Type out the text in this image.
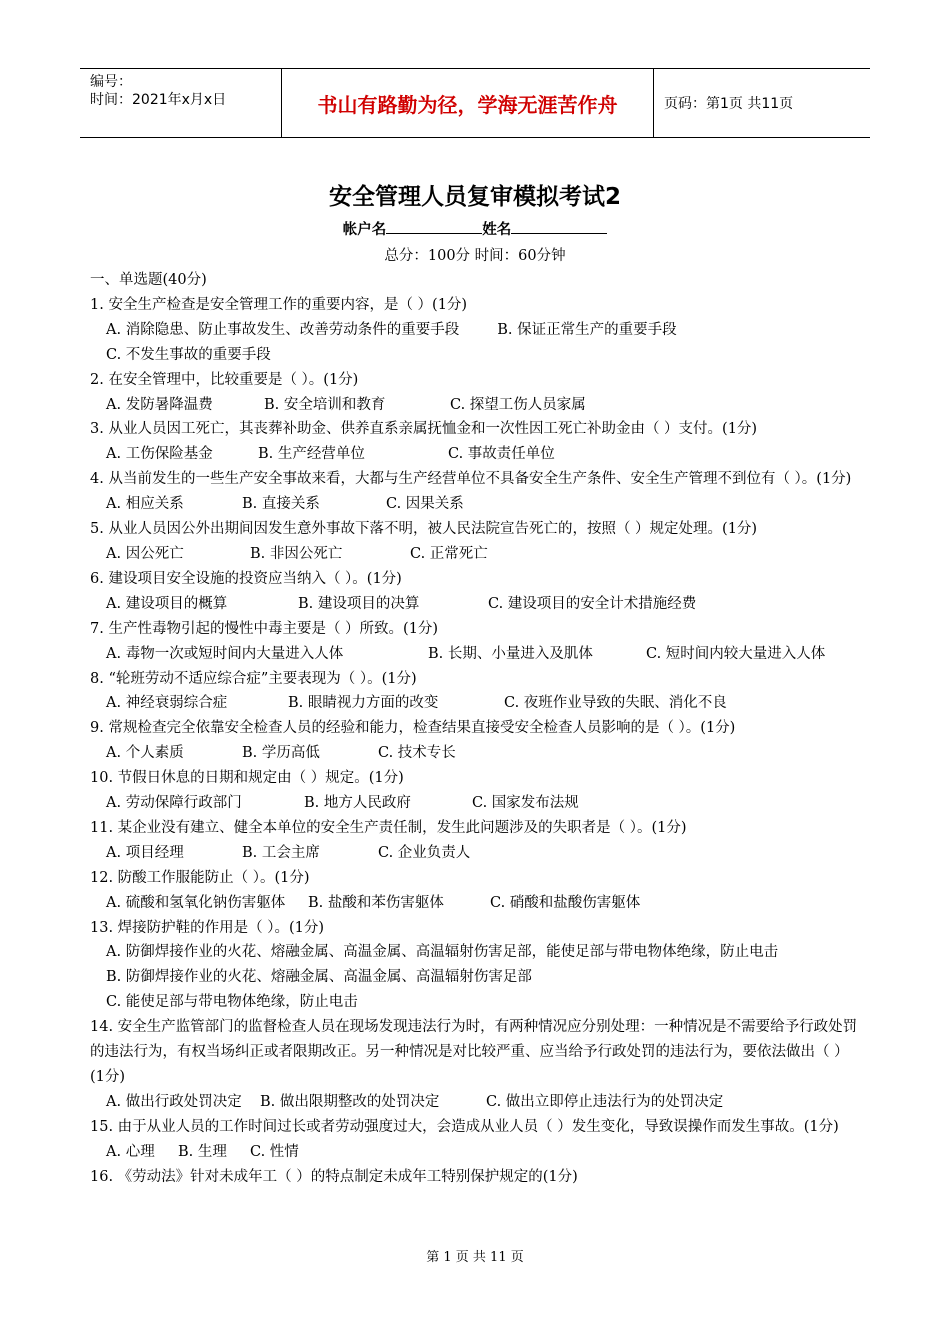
编号：
时间：2021年x月x日	书山有路勤为径，学海无涯苦作舟	页码：第1页 共11页
安全管理人员复审模拟考试2
帐户名	姓名
总分：100分 时间：60分钟
一、单选题(40分)
1. 安全生产检查是安全管理工作的重要内容，是（ ）(1分)
A. 消除隐患、防止事故发生、改善劳动条件的重要手段	B. 保证正常生产的重要手段
C. 不发生事故的重要手段
2. 在安全管理中，比较重要是（ ）。(1分)
A. 发防暑降温费	B. 安全培训和教育	C. 探望工伤人员家属
3. 从业人员因工死亡，其丧葬补助金、供养直系亲属抚恤金和一次性因工死亡补助金由（ ）支付。(1分)
A. 工伤保险基金	B. 生产经营单位	C. 事故责任单位
4. 从当前发生的一些生产安全事故来看，大都与生产经营单位不具备安全生产条件、安全生产管理不到位有（ ）。(1分)
A. 相应关系	B. 直接关系	C. 因果关系
5. 从业人员因公外出期间因发生意外事故下落不明，被人民法院宣告死亡的，按照（ ）规定处理。(1分)
A. 因公死亡	B. 非因公死亡	C. 正常死亡
6. 建设项目安全设施的投资应当纳入（ ）。(1分)
A. 建设项目的概算	B. 建设项目的决算	C. 建设项目的安全计术措施经费
7. 生产性毒物引起的慢性中毒主要是（ ）所致。(1分)
A. 毒物一次或短时间内大量进入人体	B. 长期、小量进入及肌体	C. 短时间内较大量进入人体
8. “轮班劳动不适应综合症”主要表现为（ ）。(1分)
A. 神经衰弱综合症	B. 眼睛视力方面的改变	C. 夜班作业导致的失眠、消化不良
9. 常规检查完全依靠安全检查人员的经验和能力，检查结果直接受安全检查人员影响的是（ ）。(1分)
A. 个人素质	B. 学历高低	C. 技术专长
10. 节假日休息的日期和规定由（ ）规定。(1分)
A. 劳动保障行政部门	B. 地方人民政府	C. 国家发布法规
11. 某企业没有建立、健全本单位的安全生产责任制，发生此问题涉及的失职者是（ ）。(1分)
A. 项目经理	B. 工会主席	C. 企业负责人
12. 防酸工作服能防止（ ）。(1分)
A. 硫酸和氢氧化钠伤害躯体 B. 盐酸和苯伤害躯体	C. 硝酸和盐酸伤害躯体
13. 焊接防护鞋的作用是（ ）。(1分)
A. 防御焊接作业的火花、熔融金属、高温金属、高温辐射伤害足部，能使足部与带电物体绝缘，防止电击
B. 防御焊接作业的火花、熔融金属、高温金属、高温辐射伤害足部
C. 能使足部与带电物体绝缘，防止电击
14. 安全生产监管部门的监督检查人员在现场发现违法行为时，有两种情况应分别处理：一种情况是不需要给予行政处罚的违法行为，有权当场纠正或者限期改正。另一种情况是对比较严重、应当给予行政处罚的违法行为，要依法做出（ ）(1分)
A. 做出行政处罚决定 B. 做出限期整改的处罚决定	C. 做出立即停止违法行为的处罚决定
15. 由于从业人员的工作时间过长或者劳动强度过大，会造成从业人员（ ）发生变化，导致误操作而发生事故。(1分)
A. 心理 B. 生理 C. 性情
16. 《劳动法》针对未成年工（ ）的特点制定未成年工特别保护规定的(1分)
第 1 页 共 11 页
